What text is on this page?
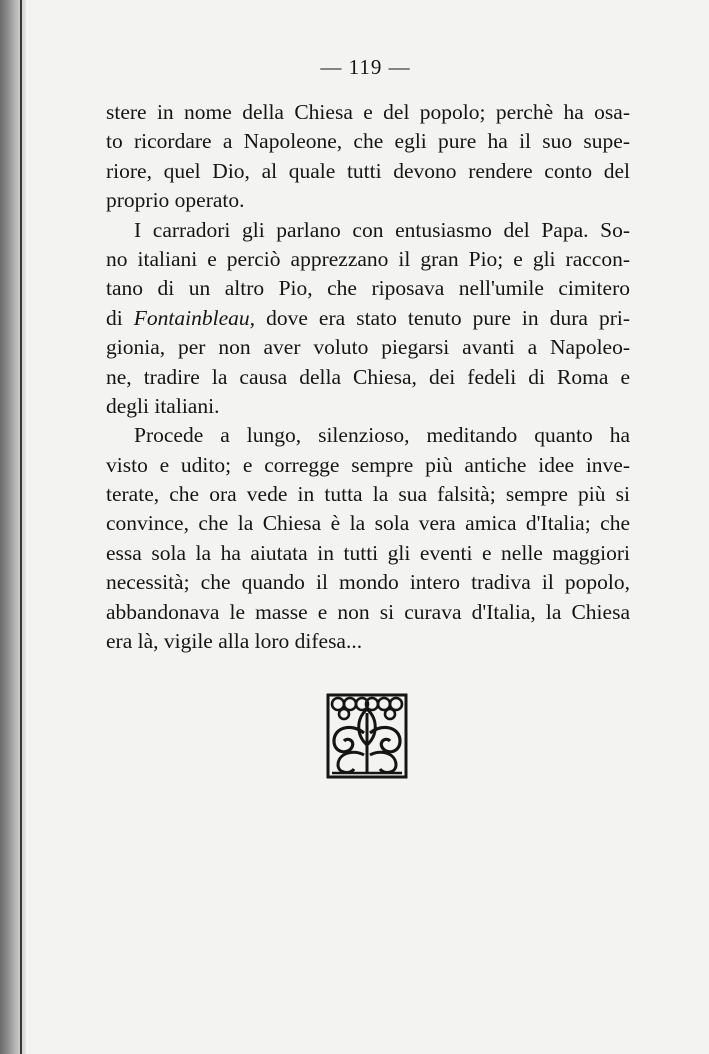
— 119 —
stere in nome della Chiesa e del popolo; perchè ha osa-
to ricordare a Napoleone, che egli pure ha il suo supe-
riore, quel Dio, al quale tutti devono rendere conto del
proprio operato.
I carradori gli parlano con entusiasmo del Papa. So-
no italiani e perciò apprezzano il gran Pio; e gli raccon-
tano di un altro Pio, che riposava nell'umile cimitero
di Fontainbleau, dove era stato tenuto pure in dura pri-
gionia, per non aver voluto piegarsi avanti a Napoleo-
ne, tradire la causa della Chiesa, dei fedeli di Roma e
degli italiani.
Procede a lungo, silenzioso, meditando quanto ha
visto e udito; e corregge sempre più antiche idee inve-
terate, che ora vede in tutta la sua falsità; sempre più si
convince, che la Chiesa è la sola vera amica d'Italia; che
essa sola la ha aiutata in tutti gli eventi e nelle maggiori
necessità; che quando il mondo intero tradiva il popolo,
abbandonava le masse e non si curava d'Italia, la Chiesa
era là, vigile alla loro difesa...
